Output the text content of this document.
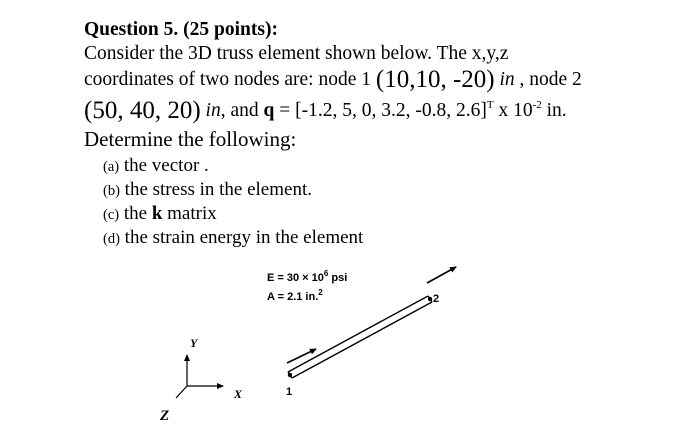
Question 5. (25 points):
Consider the 3D truss element shown below. The x,y,z
coordinates of two nodes are: node 1 (10,10, -20) in , node 2
(50, 40, 20) in, and q = [-1.2, 5, 0, 3.2, -0.8, 2.6]$^T$ x $10^{-2}$ in.
Determine the following:
(a) the vector .
(b) the stress in the element.
(c) the k matrix
(d) the strain energy in the element
$E = 30 \times 10^6$ psi
A = 2.1 in.$^2$
1
2
Y
X
Z
